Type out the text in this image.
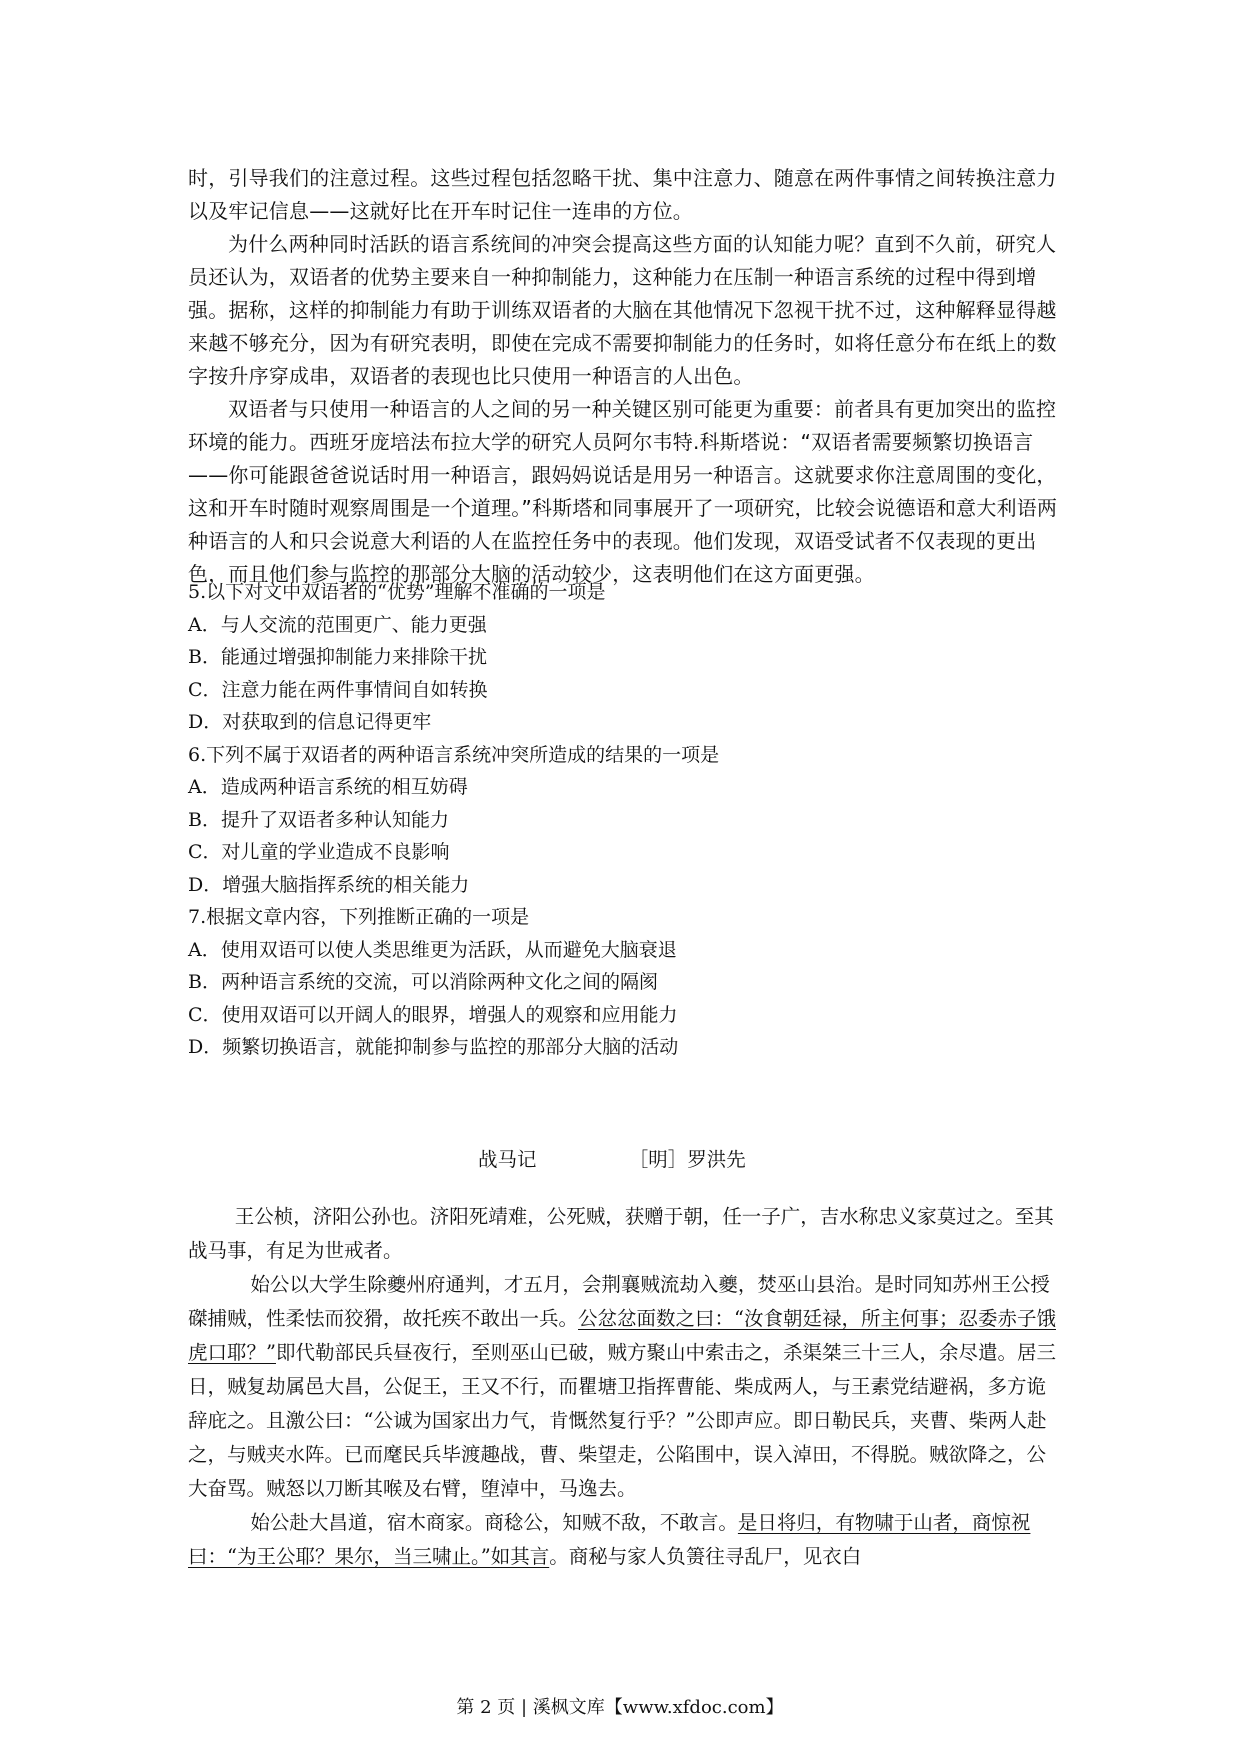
时，引导我们的注意过程。这些过程包括忽略干扰、集中注意力、随意在两件事情之间转换注意力以及牢记信息——这就好比在开车时记住一连串的方位。

为什么两种同时活跃的语言系统间的冲突会提高这些方面的认知能力呢？直到不久前，研究人员还认为，双语者的优势主要来自一种抑制能力，这种能力在压制一种语言系统的过程中得到增强。据称，这样的抑制能力有助于训练双语者的大脑在其他情况下忽视干扰不过，这种解释显得越来越不够充分，因为有研究表明，即使在完成不需要抑制能力的任务时，如将任意分布在纸上的数字按升序穿成串，双语者的表现也比只使用一种语言的人出色。

双语者与只使用一种语言的人之间的另一种关键区别可能更为重要：前者具有更加突出的监控环境的能力。西班牙庞培法布拉大学的研究人员阿尔韦特.科斯塔说：“双语者需要频繁切换语言——你可能跟爸爸说话时用一种语言，跟妈妈说话是用另一种语言。这就要求你注意周围的变化，这和开车时随时观察周围是一个道理。”科斯塔和同事展开了一项研究，比较会说德语和意大利语两种语言的人和只会说意大利语的人在监控任务中的表现。他们发现，双语受试者不仅表现的更出色，而且他们参与监控的那部分大脑的活动较少，这表明他们在这方面更强。

5.以下对文中双语者的“优势”理解不准确的一项是

A．与人交流的范围更广、能力更强

B．能通过增强抑制能力来排除干扰

C．注意力能在两件事情间自如转换

D．对获取到的信息记得更牢

6.下列不属于双语者的两种语言系统冲突所造成的结果的一项是

A．造成两种语言系统的相互妨碍

B．提升了双语者多种认知能力

C．对儿童的学业造成不良影响

D．增强大脑指挥系统的相关能力

7.根据文章内容，下列推断正确的一项是

A．使用双语可以使人类思维更为活跃，从而避免大脑衰退

B．两种语言系统的交流，可以消除两种文化之间的隔阂

C．使用双语可以开阔人的眼界，增强人的观察和应用能力

D．频繁切换语言，就能抑制参与监控的那部分大脑的活动

战马记	［明］罗洪先

王公桢，济阳公孙也。济阳死靖难，公死贼，获赠于朝，任一子广，吉水称忠义家莫过之。至其战马事，有足为世戒者。

始公以大学生除夔州府通判，才五月，会荆襄贼流劫入夔，焚巫山县治。是时同知苏州王公授磔捕贼，性柔怯而狡猾，故托疾不敢出一兵。公忿忿面数之曰：“汝食朝廷禄，所主何事；忍委赤子饿虎口耶？”即代勒部民兵昼夜行，至则巫山已破，贼方聚山中索击之，杀渠桀三十三人，余尽遣。居三日，贼复劫属邑大昌，公促王，王又不行，而瞿塘卫指挥曹能、柴成两人，与王素党结避祸，多方诡辞庇之。且激公曰：“公诚为国家出力气，肯慨然复行乎？”公即声应。即日勒民兵，夹曹、柴两人赴之，与贼夹水阵。已而麾民兵毕渡趣战，曹、柴望走，公陷围中，误入淖田，不得脱。贼欲降之，公大奋骂。贼怒以刀断其喉及右臂，堕淖中，马逸去。

始公赴大昌道，宿木商家。商稔公，知贼不敌，不敢言。是日将归，有物啸于山者，商惊祝曰：“为王公耶？果尔，当三啸止。”如其言。商秘与家人负箦往寻乱尸，见衣白

第 2 页 | 溪枫文库【www.xfdoc.com】
